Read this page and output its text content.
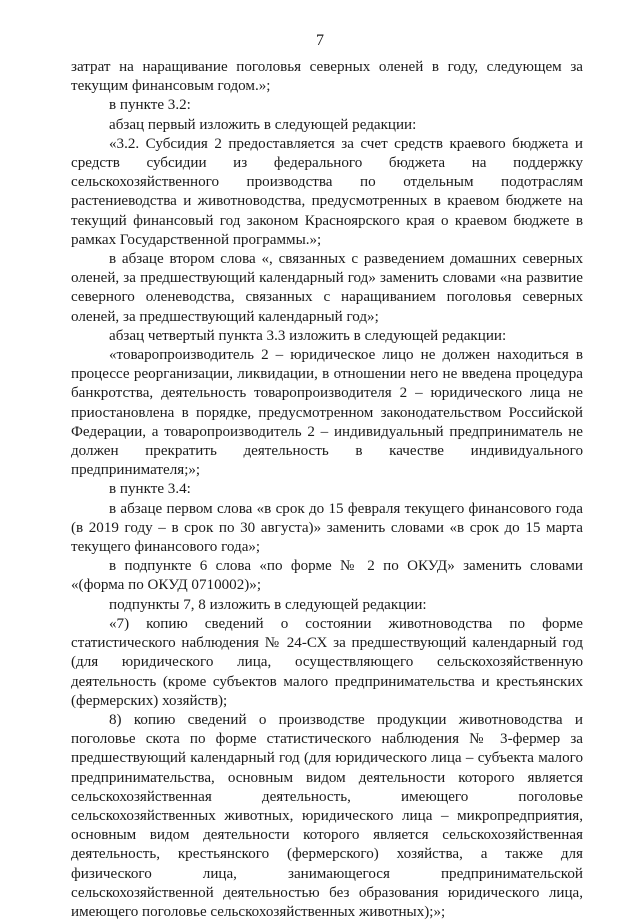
7

затрат на наращивание поголовья северных оленей в году, следующем за текущим финансовым годом.»;

в пункте 3.2:

абзац первый изложить в следующей редакции:

«3.2. Субсидия 2 предоставляется за счет средств краевого бюджета и средств субсидии из федерального бюджета на поддержку сельскохозяйственного производства по отдельным подотраслям растениеводства и животноводства, предусмотренных в краевом бюджете на текущий финансовый год законом Красноярского края о краевом бюджете в рамках Государственной программы.»;

в абзаце втором слова «, связанных с разведением домашних северных оленей, за предшествующий календарный год» заменить словами «на развитие северного оленеводства, связанных с наращиванием поголовья северных оленей, за предшествующий календарный год»;

абзац четвертый пункта 3.3 изложить в следующей редакции:

«товаропроизводитель 2 – юридическое лицо не должен находиться в процессе реорганизации, ликвидации, в отношении него не введена процедура банкротства, деятельность товаропроизводителя 2 – юридического лица не приостановлена в порядке, предусмотренном законодательством Российской Федерации, а товаропроизводитель 2 – индивидуальный предприниматель не должен прекратить деятельность в качестве индивидуального предпринимателя;»;

в пункте 3.4:

в абзаце первом слова «в срок до 15 февраля текущего финансового года (в 2019 году – в срок по 30 августа)» заменить словами «в срок до 15 марта текущего финансового года»;

в подпункте 6 слова «по форме № 2 по ОКУД» заменить словами «(форма по ОКУД 0710002)»;

подпункты 7, 8 изложить в следующей редакции:

«7) копию сведений о состоянии животноводства по форме статистического наблюдения № 24-СХ за предшествующий календарный год (для юридического лица, осуществляющего сельскохозяйственную деятельность (кроме субъектов малого предпринимательства и крестьянских (фермерских) хозяйств);

8) копию сведений о производстве продукции животноводства и поголовье скота по форме статистического наблюдения № 3-фермер за предшествующий календарный год (для юридического лица – субъекта малого предпринимательства, основным видом деятельности которого является сельскохозяйственная деятельность, имеющего поголовье сельскохозяйственных животных, юридического лица – микропредприятия, основным видом деятельности которого является сельскохозяйственная деятельность, крестьянского (фермерского) хозяйства, а также для физического лица, занимающегося предпринимательской сельскохозяйственной деятельностью без образования юридического лица, имеющего поголовье сельскохозяйственных животных);»;
